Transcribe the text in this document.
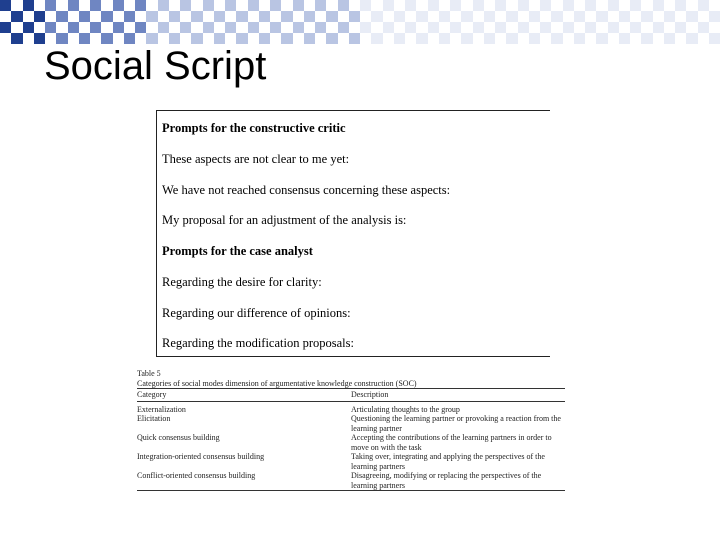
Social Script
Prompts for the constructive critic
These aspects are not clear to me yet:
We have not reached consensus concerning these aspects:
My proposal for an adjustment of the analysis is:
Prompts for the case analyst
Regarding the desire for clarity:
Regarding our difference of opinions:
Regarding the modification proposals:
Table 5
Categories of social modes dimension of argumentative knowledge construction (SOC)
Category	Description
Externalization	Articulating thoughts to the group
Elicitation	Questioning the learning partner or provoking a reaction from the learning partner
Quick consensus building	Accepting the contributions of the learning partners in order to move on with the task
Integration-oriented consensus building	Taking over, integrating and applying the perspectives of the learning partners
Conflict-oriented consensus building	Disagreeing, modifying or replacing the perspectives of the learning partners
